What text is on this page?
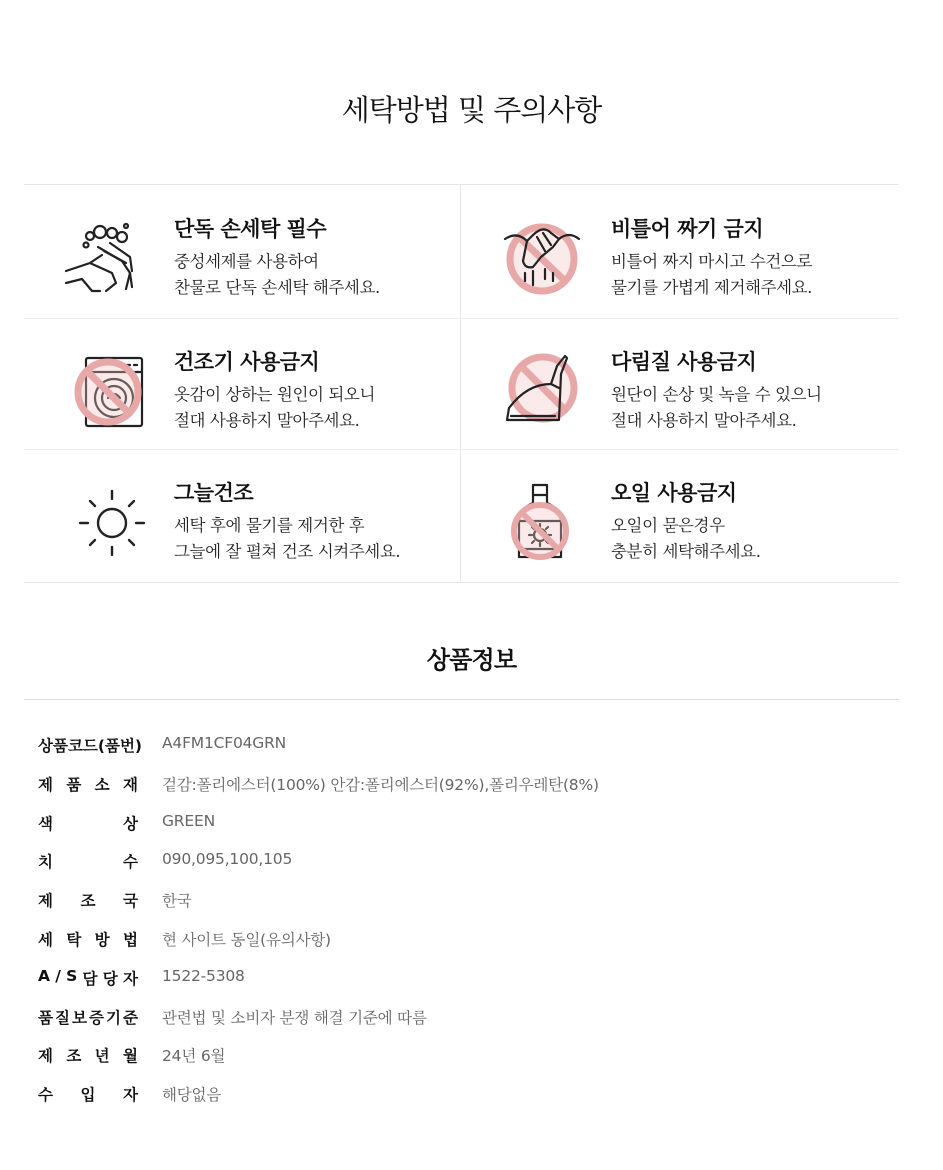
세탁방법 및 주의사항
단독 손세탁 필수
중성세제를 사용하여
찬물로 단독 손세탁 해주세요.
비틀어 짜기 금지
비틀어 짜지 마시고 수건으로
물기를 가볍게 제거해주세요.
건조기 사용금지
옷감이 상하는 원인이 되오니
절대 사용하지 말아주세요.
다림질 사용금지
원단이 손상 및 녹을 수 있으니
절대 사용하지 말아주세요.
그늘건조
세탁 후에 물기를 제거한 후
그늘에 잘 펼쳐 건조 시켜주세요.
오일 사용금지
오일이 묻은경우
충분히 세탁해주세요.
상품정보
상품코드(품번) A4FM1CF04GRN
제 품 소 재 겉감:폴리에스터(100%) 안감:폴리에스터(92%),폴리우레탄(8%)
색	상 GREEN
치	수 090,095,100,105
제 조 국 한국
세 탁 방 법 현 사이트 동일(유의사항)
A / S 담 당 자 1522-5308
품 질 보 증 기 준 관련법 및 소비자 분쟁 해결 기준에 따름
제 조 년 월 24년 6월
수 입 자 해당없음
